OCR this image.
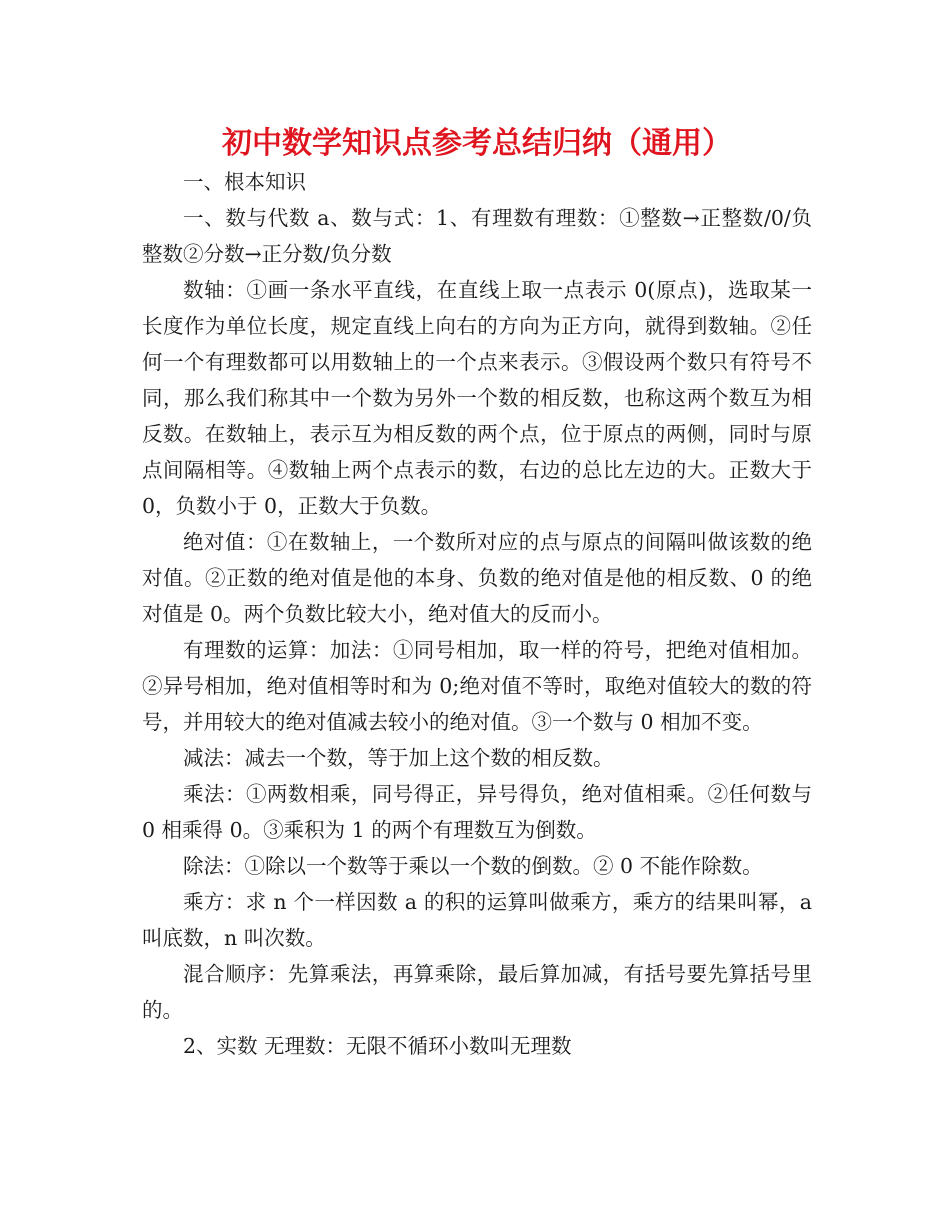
初中数学知识点参考总结归纳（通用）

一、根本知识

一、数与代数 a、数与式：1、有理数有理数：①整数→正整数/0/负整数②分数→正分数/负分数

数轴：①画一条水平直线，在直线上取一点表示 0(原点)，选取某一长度作为单位长度，规定直线上向右的方向为正方向，就得到数轴。②任何一个有理数都可以用数轴上的一个点来表示。③假设两个数只有符号不同，那么我们称其中一个数为另外一个数的相反数，也称这两个数互为相反数。在数轴上，表示互为相反数的两个点，位于原点的两侧，同时与原点间隔相等。④数轴上两个点表示的数，右边的总比左边的大。正数大于 0，负数小于 0，正数大于负数。

绝对值：①在数轴上，一个数所对应的点与原点的间隔叫做该数的绝对值。②正数的绝对值是他的本身、负数的绝对值是他的相反数、0 的绝对值是 0。两个负数比较大小，绝对值大的反而小。

有理数的运算：加法：①同号相加，取一样的符号，把绝对值相加。②异号相加，绝对值相等时和为 0;绝对值不等时，取绝对值较大的数的符号，并用较大的绝对值减去较小的绝对值。③一个数与 0 相加不变。

减法：减去一个数，等于加上这个数的相反数。

乘法：①两数相乘，同号得正，异号得负，绝对值相乘。②任何数与 0 相乘得 0。③乘积为 1 的两个有理数互为倒数。

除法：①除以一个数等于乘以一个数的倒数。② 0 不能作除数。

乘方：求 n 个一样因数 a 的积的运算叫做乘方，乘方的结果叫幂，a 叫底数，n 叫次数。

混合顺序：先算乘法，再算乘除，最后算加减，有括号要先算括号里的。

2、实数 无理数：无限不循环小数叫无理数
